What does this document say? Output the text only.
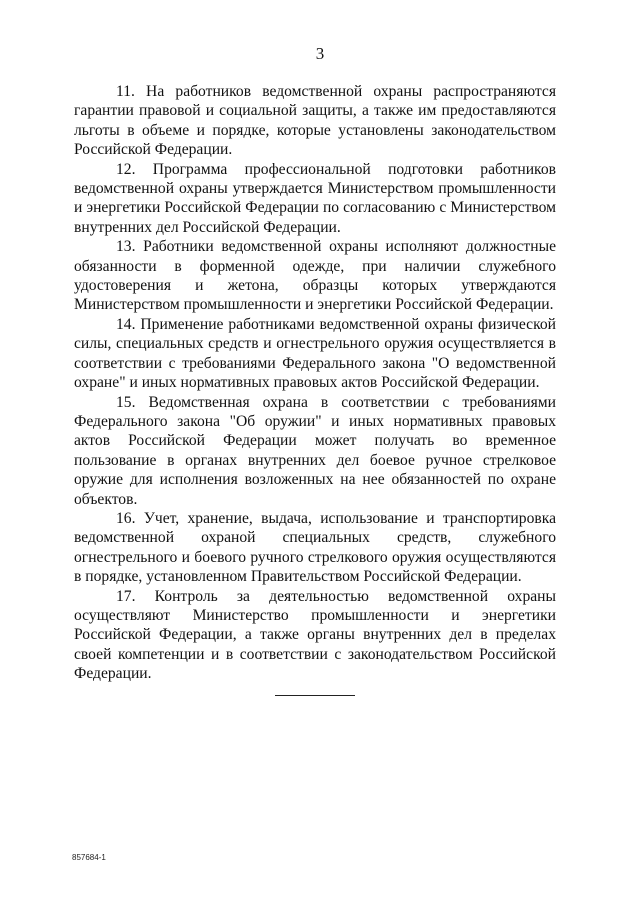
3

11. На работников ведомственной охраны распространяются гарантии правовой и социальной защиты, а также им предоставляются льготы в объеме и порядке, которые установлены законодательством Российской Федерации.

12. Программа профессиональной подготовки работников ведомственной охраны утверждается Министерством промышленности и энергетики Российской Федерации по согласованию с Министерством внутренних дел Российской Федерации.

13. Работники ведомственной охраны исполняют должностные обязанности в форменной одежде, при наличии служебного удостоверения и жетона, образцы которых утверждаются Министерством промышленности и энергетики Российской Федерации.

14. Применение работниками ведомственной охраны физической силы, специальных средств и огнестрельного оружия осуществляется в соответствии с требованиями Федерального закона "О ведомственной охране" и иных нормативных правовых актов Российской Федерации.

15. Ведомственная охрана в соответствии с требованиями Федерального закона "Об оружии" и иных нормативных правовых актов Российской Федерации может получать во временное пользование в органах внутренних дел боевое ручное стрелковое оружие для исполнения возложенных на нее обязанностей по охране объектов.

16. Учет, хранение, выдача, использование и транспортировка ведомственной охраной специальных средств, служебного огнестрельного и боевого ручного стрелкового оружия осуществляются в порядке, установленном Правительством Российской Федерации.

17. Контроль за деятельностью ведомственной охраны осуществляют Министерство промышленности и энергетики Российской Федерации, а также органы внутренних дел в пределах своей компетенции и в соответствии с законодательством Российской Федерации.

857684-1
